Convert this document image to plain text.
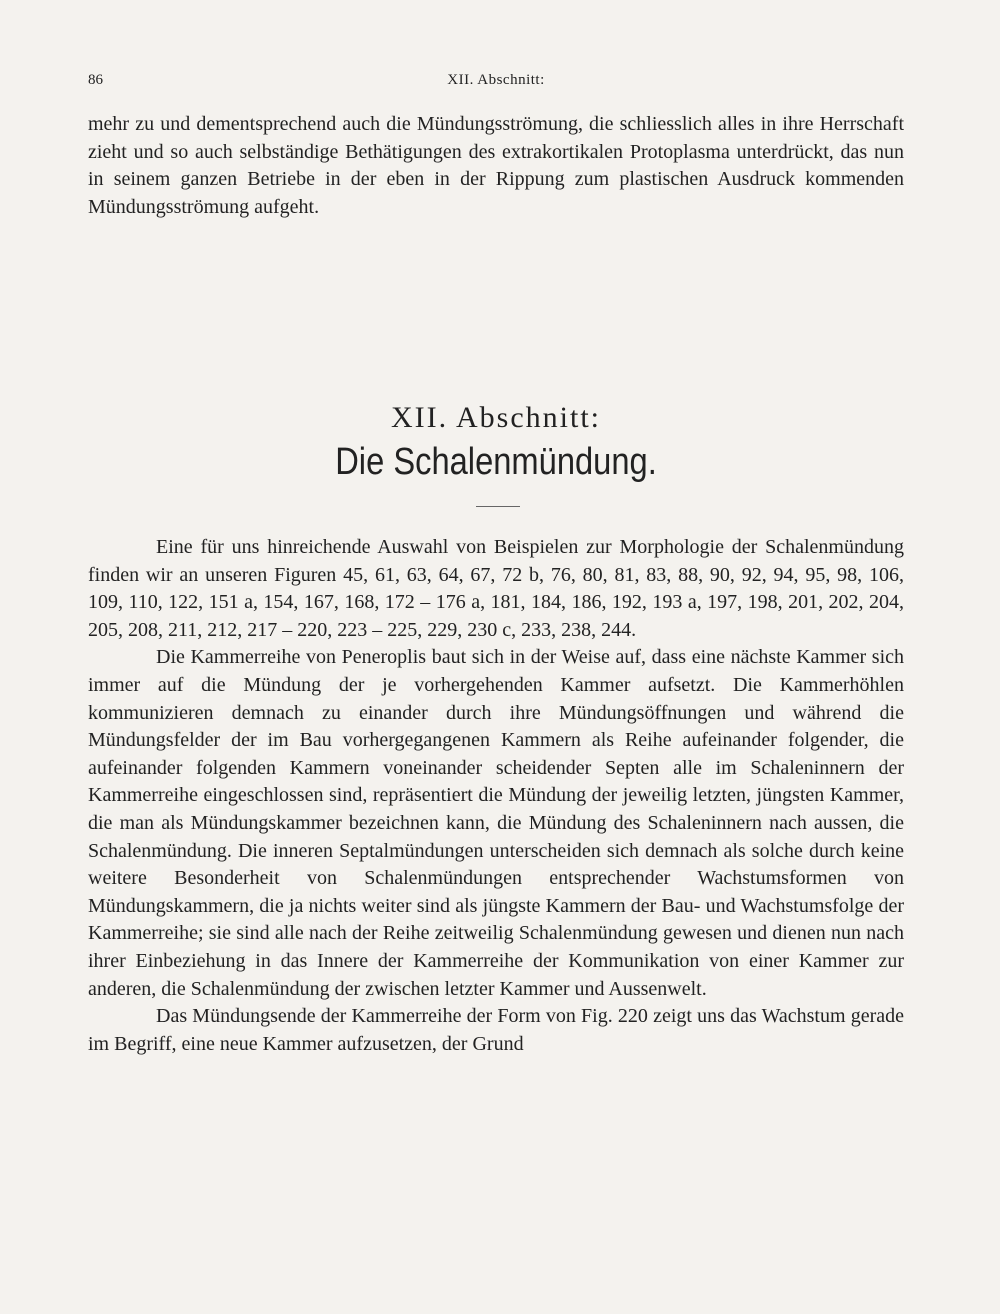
86	XII. Abschnitt:

mehr zu und dementsprechend auch die Mündungsströmung, die schliesslich alles in ihre Herrschaft zieht und so auch selbständige Bethätigungen des extrakortikalen Protoplasma unterdrückt, das nun in seinem ganzen Betriebe in der eben in der Rippung zum plastischen Ausdruck kommenden Mündungsströmung aufgeht.

XII. Abschnitt:
Die Schalenmündung.

Eine für uns hinreichende Auswahl von Beispielen zur Morphologie der Schalenmündung finden wir an unseren Figuren 45, 61, 63, 64, 67, 72 b, 76, 80, 81, 83, 88, 90, 92, 94, 95, 98, 106, 109, 110, 122, 151 a, 154, 167, 168, 172 – 176 a, 181, 184, 186, 192, 193 a, 197, 198, 201, 202, 204, 205, 208, 211, 212, 217 – 220, 223 – 225, 229, 230 c, 233, 238, 244.

Die Kammerreihe von Peneroplis baut sich in der Weise auf, dass eine nächste Kammer sich immer auf die Mündung der je vorhergehenden Kammer aufsetzt. Die Kammerhöhlen kommunizieren demnach zu einander durch ihre Mündungsöffnungen und während die Mündungsfelder der im Bau vorhergegangenen Kammern als Reihe aufeinander folgender, die aufeinander folgenden Kammern voneinander scheidender Septen alle im Schaleninnern der Kammerreihe eingeschlossen sind, repräsentiert die Mündung der jeweilig letzten, jüngsten Kammer, die man als Mündungskammer bezeichnen kann, die Mündung des Schaleninnern nach aussen, die Schalenmündung. Die inneren Septalmündungen unterscheiden sich demnach als solche durch keine weitere Besonderheit von Schalenmündungen entsprechender Wachstumsformen von Mündungskammern, die ja nichts weiter sind als jüngste Kammern der Bau- und Wachstumsfolge der Kammerreihe; sie sind alle nach der Reihe zeitweilig Schalenmündung gewesen und dienen nun nach ihrer Einbeziehung in das Innere der Kammerreihe der Kommunikation von einer Kammer zur anderen, die Schalenmündung der zwischen letzter Kammer und Aussenwelt.

Das Mündungsende der Kammerreihe der Form von Fig. 220 zeigt uns das Wachstum gerade im Begriff, eine neue Kammer aufzusetzen, der Grund
